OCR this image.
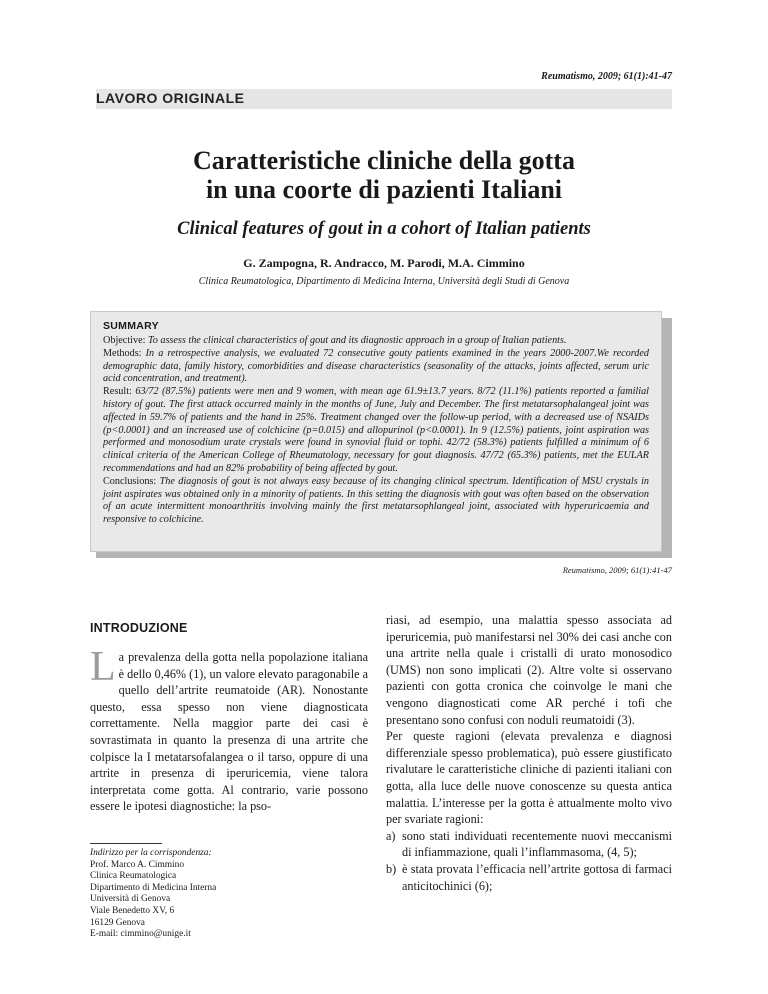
Reumatismo, 2009; 61(1):41-47
LAVORO ORIGINALE

Caratteristiche cliniche della gotta
in una coorte di pazienti Italiani

Clinical features of gout in a cohort of Italian patients

G. Zampogna, R. Andracco, M. Parodi, M.A. Cimmino

Clinica Reumatologica, Dipartimento di Medicina Interna, Università degli Studi di Genova

SUMMARY

Objective: To assess the clinical characteristics of gout and its diagnostic approach in a group of Italian patients.

Methods: In a retrospective analysis, we evaluated 72 consecutive gouty patients examined in the years 2000-2007.We recorded demographic data, family history, comorbidities and disease characteristics (seasonality of the attacks, joints affected, serum uric acid concentration, and treatment).

Result: 63/72 (87.5%) patients were men and 9 women, with mean age 61.9±13.7 years. 8/72 (11.1%) patients reported a familial history of gout. The first attack occurred mainly in the months of June, July and December. The first metatarsophalangeal joint was affected in 59.7% of patients and the hand in 25%. Treatment changed over the follow-up period, with a decreased use of NSAIDs (p<0.0001) and an increased use of colchicine (p=0.015) and allopurinol (p<0.0001). In 9 (12.5%) patients, joint aspiration was performed and monosodium urate crystals were found in synovial fluid or tophi. 42/72 (58.3%) patients fulfilled a minimum of 6 clinical criteria of the American College of Rheumatology, necessary for gout diagnosis. 47/72 (65.3%) patients, met the EULAR recommendations and had an 82% probability of being affected by gout.

Conclusions: The diagnosis of gout is not always easy because of its changing clinical spectrum. Identification of MSU crystals in joint aspirates was obtained only in a minority of patients. In this setting the diagnosis with gout was often based on the observation of an acute intermittent monoarthritis involving mainly the first metatarsophlangeal joint, associated with hyperuricaemia and responsive to colchicine.

Reumatismo, 2009; 61(1):41-47

INTRODUZIONE

La prevalenza della gotta nella popolazione italiana è dello 0,46% (1), un valore elevato paragonabile a quello dell’artrite reumatoide (AR). Nonostante questo, essa spesso non viene diagnosticata correttamente. Nella maggior parte dei casi è sovrastimata in quanto la presenza di una artrite che colpisce la I metatarsofalangea o il tarso, oppure di una artrite in presenza di iperuricemia, viene talora interpretata come gotta. Al contrario, varie possono essere le ipotesi diagnostiche: la pso-

Indirizzo per la corrispondenza:
Prof. Marco A. Cimmino
Clinica Reumatologica
Dipartimento di Medicina Interna
Università di Genova
Viale Benedetto XV, 6
16129 Genova
E-mail: cimmino@unige.it

riasi, ad esempio, una malattia spesso associata ad iperuricemia, può manifestarsi nel 30% dei casi anche con una artrite nella quale i cristalli di urato monosodico (UMS) non sono implicati (2). Altre volte si osservano pazienti con gotta cronica che coinvolge le mani che vengono diagnosticati come AR perché i tofi che presentano sono confusi con noduli reumatoidi (3).

Per queste ragioni (elevata prevalenza e diagnosi differenziale spesso problematica), può essere giustificato rivalutare le caratteristiche cliniche di pazienti italiani con gotta, alla luce delle nuove conoscenze su questa antica malattia. L’interesse per la gotta è attualmente molto vivo per svariate ragioni:

a) sono stati individuati recentemente nuovi meccanismi di infiammazione, quali l’inflammasoma, (4, 5);
b) è stata provata l’efficacia nell’artrite gottosa di farmaci anticitochinici (6);
